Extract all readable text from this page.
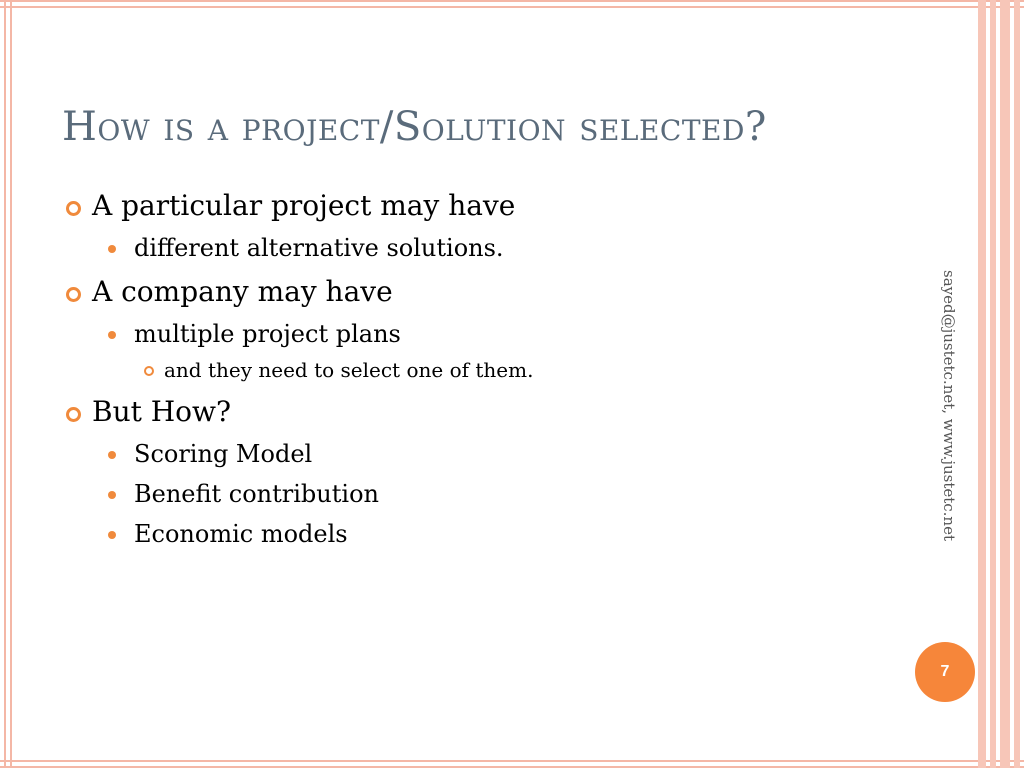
How is a project/Solution selected?
A particular project may have
different alternative solutions.
A company may have
multiple project plans
and they need to select one of them.
But How?
Scoring Model
Benefit contribution
Economic models	sayed@justetc.net, www.justetc.net
7
